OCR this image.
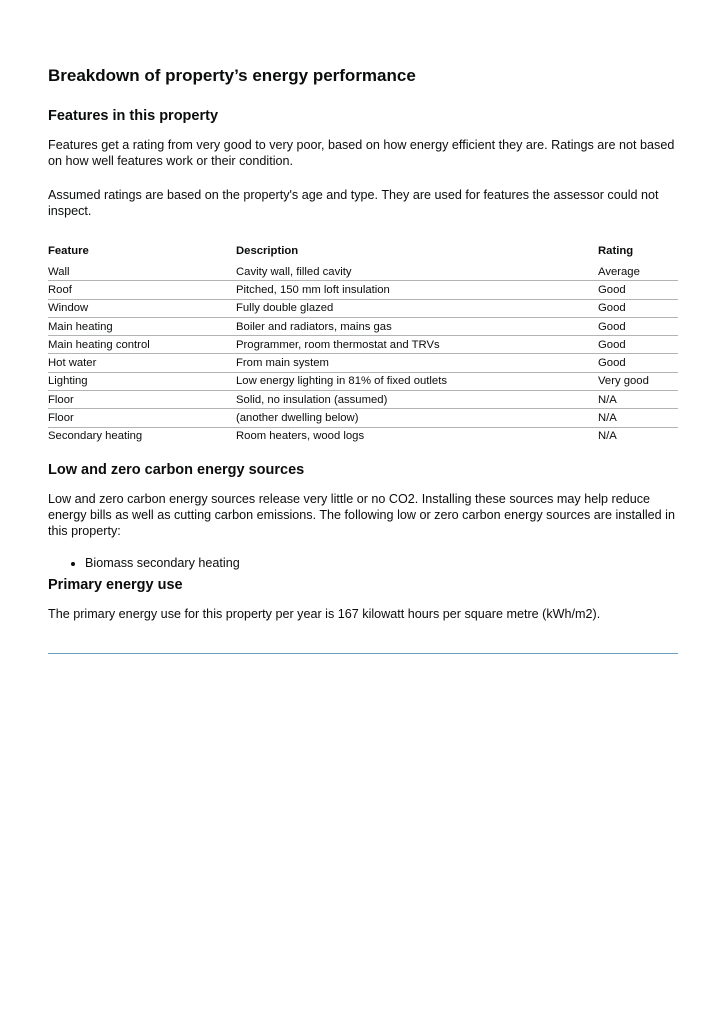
Breakdown of property’s energy performance
Features in this property

Features get a rating from very good to very poor, based on how energy efficient they are. Ratings are not based on how well features work or their condition.

Assumed ratings are based on the property's age and type. They are used for features the assessor could not inspect.

Feature	Description	Rating
Wall	Cavity wall, filled cavity	Average
Roof	Pitched, 150 mm loft insulation	Good
Window	Fully double glazed	Good
Main heating	Boiler and radiators, mains gas	Good
Main heating control	Programmer, room thermostat and TRVs	Good
Hot water	From main system	Good
Lighting	Low energy lighting in 81% of fixed outlets	Very good
Floor	Solid, no insulation (assumed)	N/A
Floor	(another dwelling below)	N/A
Secondary heating	Room heaters, wood logs	N/A
Low and zero carbon energy sources

Low and zero carbon energy sources release very little or no CO2. Installing these sources may help reduce energy bills as well as cutting carbon emissions. The following low or zero carbon energy sources are installed in this property:

• Biomass secondary heating
Primary energy use

The primary energy use for this property per year is 167 kilowatt hours per square metre (kWh/m2).
